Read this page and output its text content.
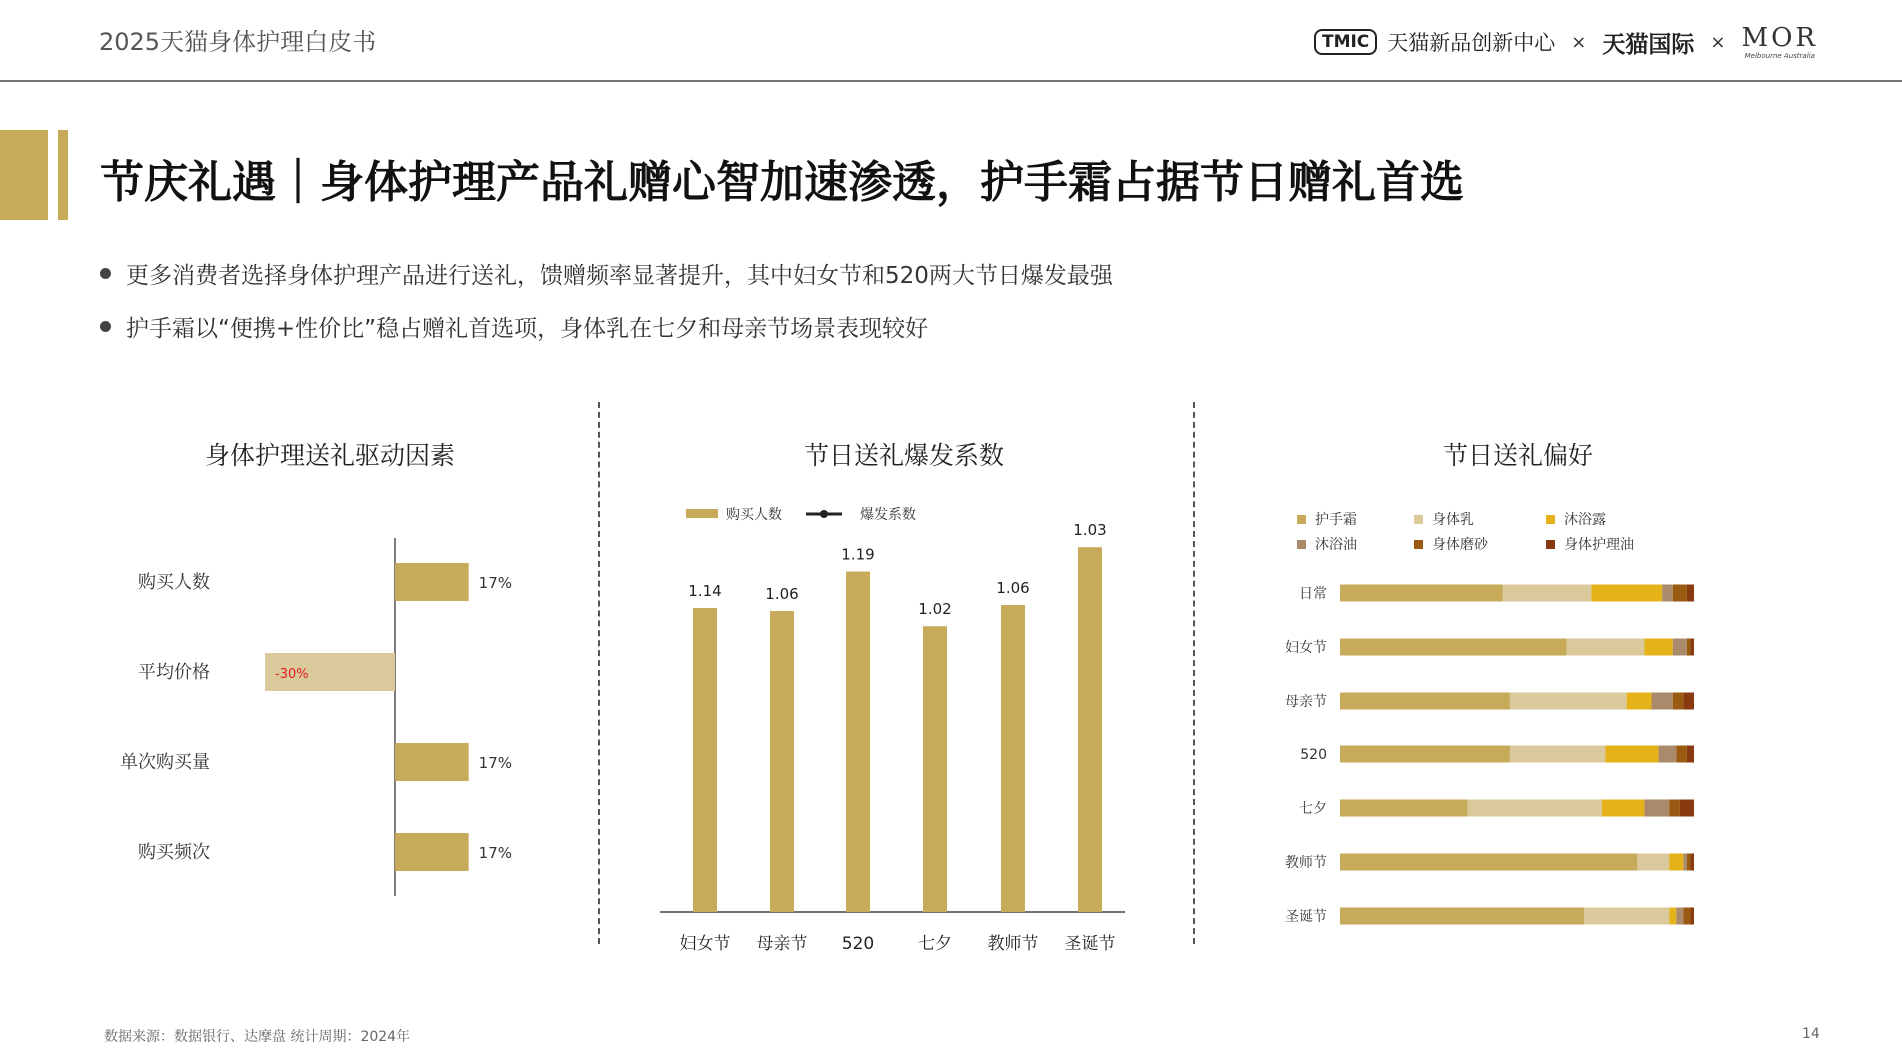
2025天猫身体护理白皮书	TMIC 天猫新品创新中心 × 天猫国际 × MOR
Melbourne Australia
节庆礼遇｜身体护理产品礼赠心智加速渗透，护手霜占据节日赠礼首选
更多消费者选择身体护理产品进行送礼，馈赠频率显著提升，其中妇女节和520两大节日爆发最强
护手霜以“便携+性价比”稳占赠礼首选项，身体乳在七夕和母亲节场景表现较好
身体护理送礼驱动因素	节日送礼爆发系数	节日送礼偏好
购买人数	17%
平均价格	-30%
单次购买量	17%
购买频次	17%
购买人数	爆发系数
1.14
妇女节
1.06
母亲节
1.19
520
1.02
七夕
1.06
教师节
1.03
圣诞节
护手霜	身体乳	沐浴露
沐浴油	身体磨砂	身体护理油
日常
妇女节
母亲节
520
七夕
教师节
圣诞节
数据来源：数据银行、达摩盘 统计周期：2024年	14
